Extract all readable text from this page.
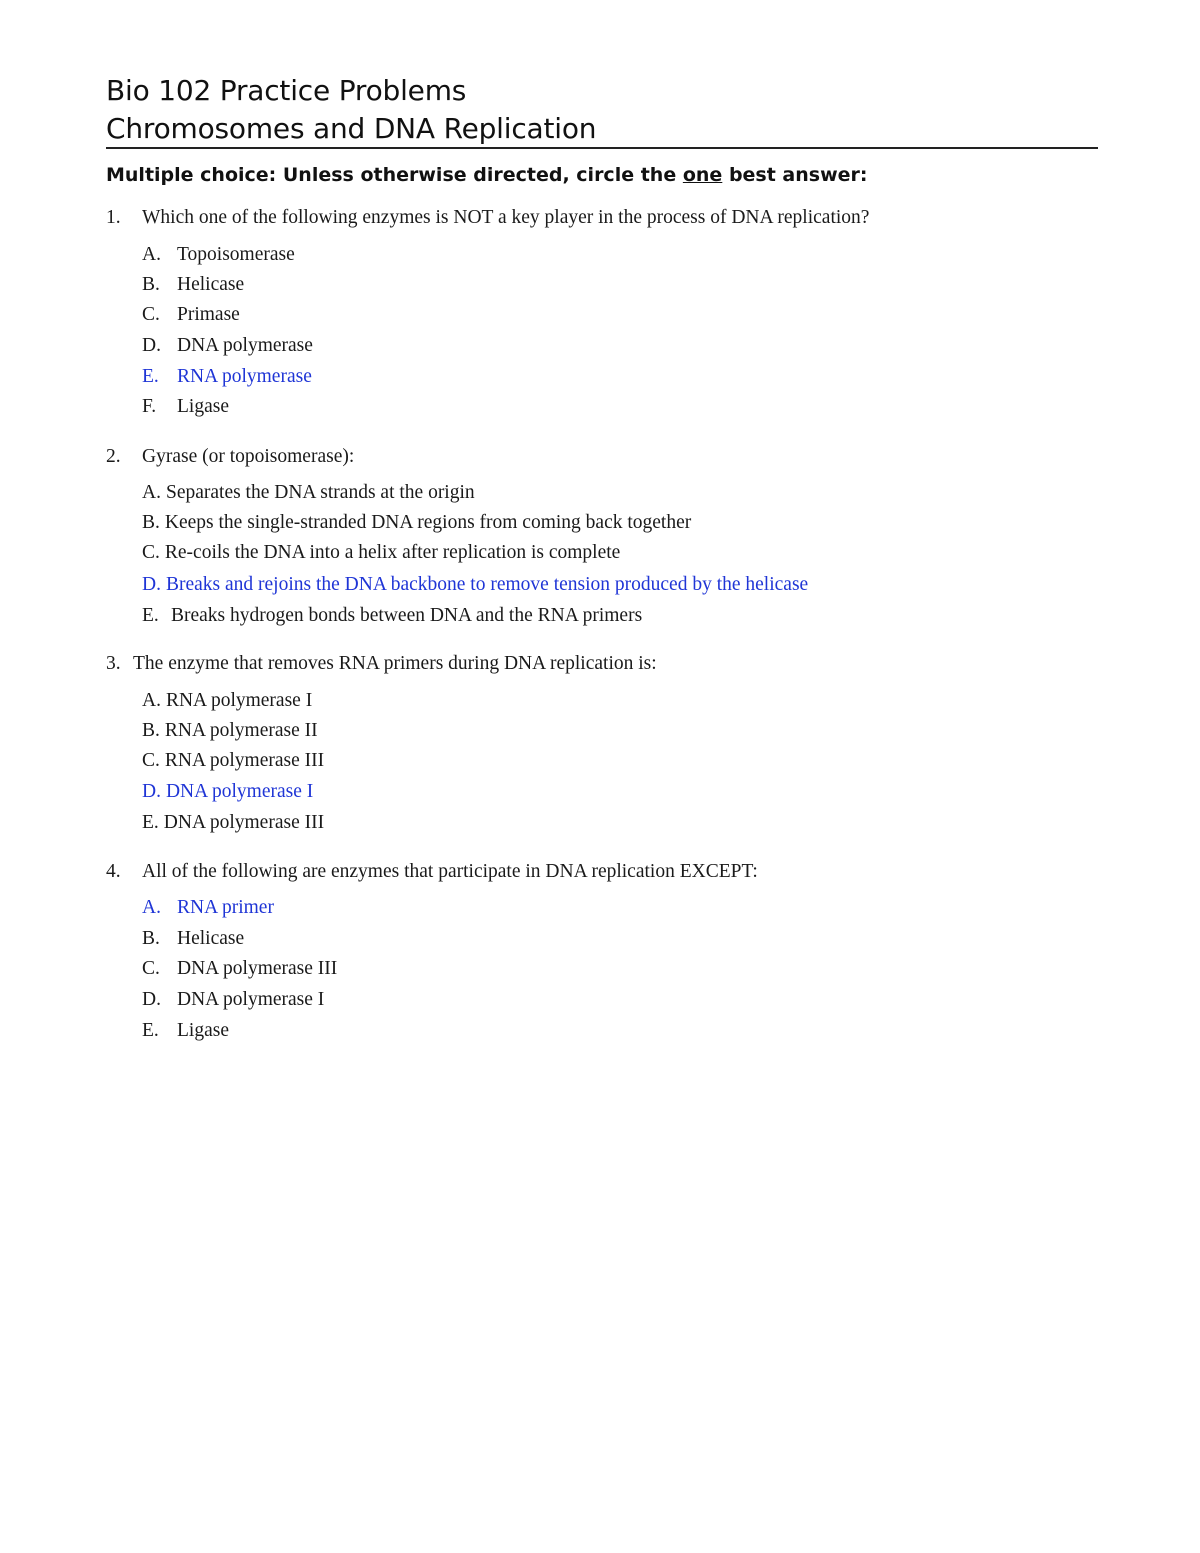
Bio 102 Practice Problems
Chromosomes and DNA Replication
Multiple choice: Unless otherwise directed, circle the one best answer:
1. Which one of the following enzymes is NOT a key player in the process of DNA replication?
A. Topoisomerase
B. Helicase
C. Primase
D. DNA polymerase
E. RNA polymerase
F. Ligase
2. Gyrase (or topoisomerase):
A. Separates the DNA strands at the origin
B. Keeps the single-stranded DNA regions from coming back together
C. Re-coils the DNA into a helix after replication is complete
D. Breaks and rejoins the DNA backbone to remove tension produced by the helicase
E. Breaks hydrogen bonds between DNA and the RNA primers
3. The enzyme that removes RNA primers during DNA replication is:
A. RNA polymerase I
B. RNA polymerase II
C. RNA polymerase III
D. DNA polymerase I
E. DNA polymerase III
4. All of the following are enzymes that participate in DNA replication EXCEPT:
A. RNA primer
B. Helicase
C. DNA polymerase III
D. DNA polymerase I
E. Ligase
